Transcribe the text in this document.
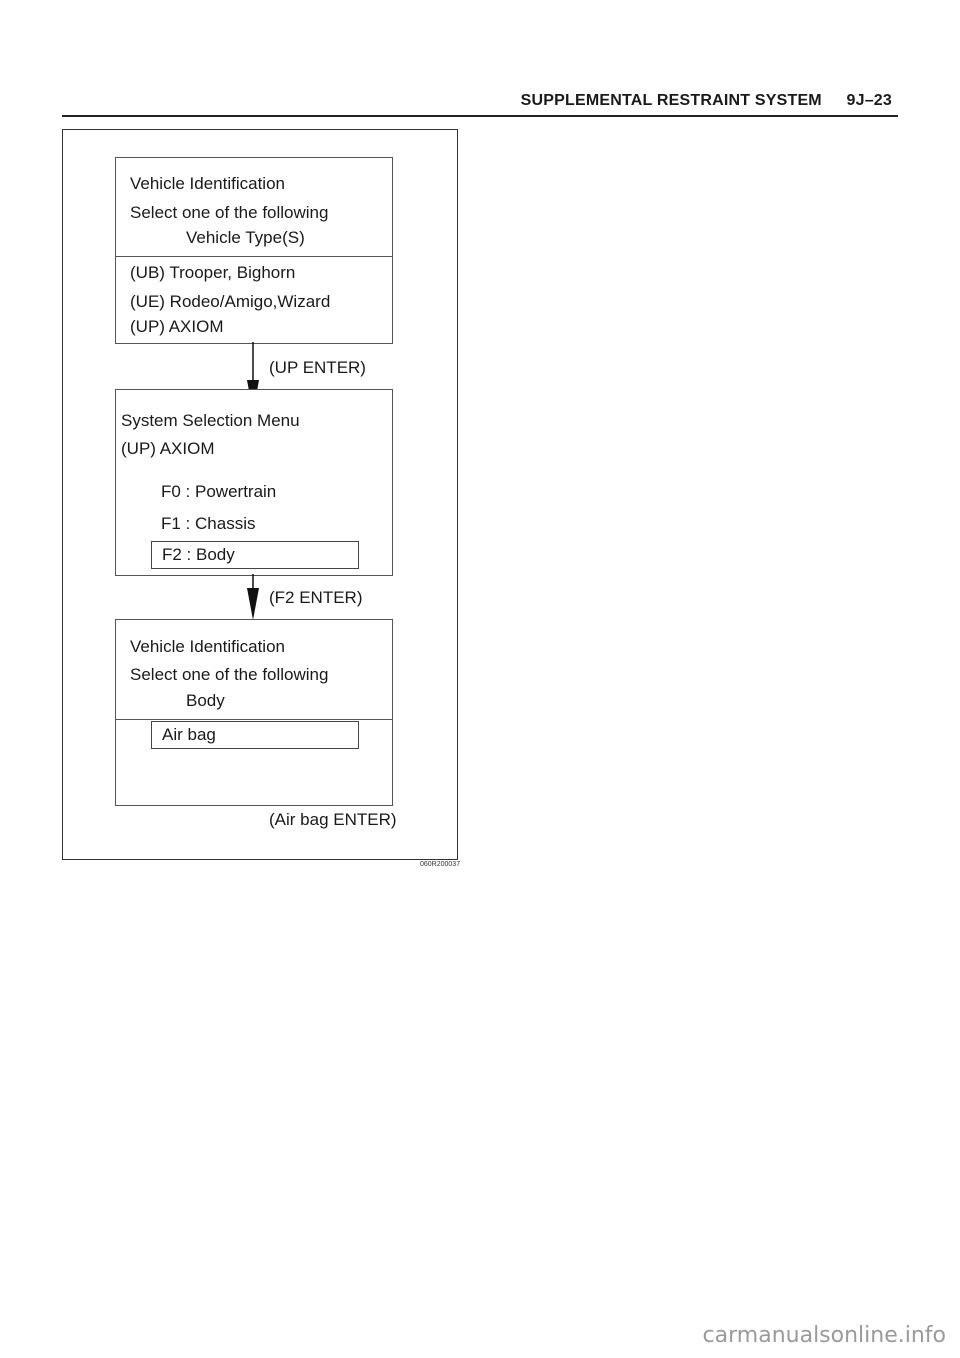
SUPPLEMENTAL RESTRAINT SYSTEM 9J–23
Vehicle Identification
Select one of the following
Vehicle Type(S)
(UB) Trooper, Bighorn
(UE) Rodeo/Amigo,Wizard
(UP) AXIOM
(UP ENTER)
System Selection Menu
(UP) AXIOM
F0 : Powertrain
F1 : Chassis
F2 : Body
(F2 ENTER)
Vehicle Identification
Select one of the following
Body
Air bag
(Air bag ENTER)
060R200037
carmanualsonline.info
